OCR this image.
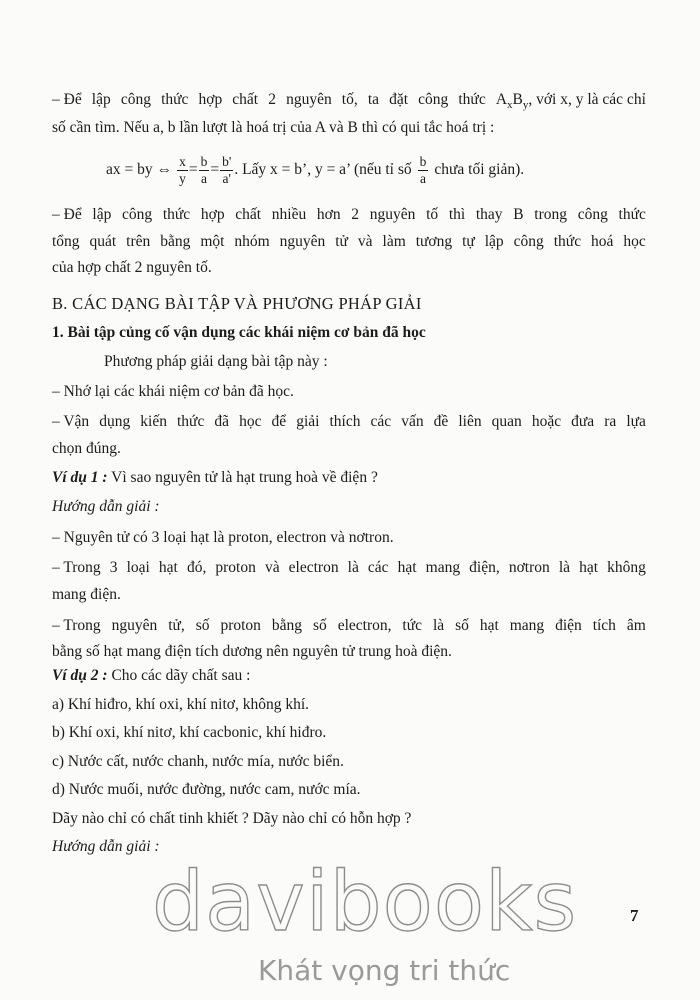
– Để lập công thức hợp chất 2 nguyên tố, ta đặt công thức $A_xB_y$, với x, y là các chỉ
số cần tìm. Nếu a, b lần lượt là hoá trị của A và B thì có qui tắc hoá trị :
ax = by ⇔ $\frac{x}{y} = \frac{b}{a} = \frac{b'}{a'}$ . Lấy x = b’, y = a’ (nếu tỉ số $\frac{b}{a}$ chưa tối giản).
– Để lập công thức hợp chất nhiều hơn 2 nguyên tố thì thay B trong công thức
tổng quát trên bằng một nhóm nguyên tử và làm tương tự lập công thức hoá học
của hợp chất 2 nguyên tố.
B. CÁC DẠNG BÀI TẬP VÀ PHƯƠNG PHÁP GIẢI
1. Bài tập củng cố vận dụng các khái niệm cơ bản đã học
Phương pháp giải dạng bài tập này :
– Nhớ lại các khái niệm cơ bản đã học.
– Vận dụng kiến thức đã học để giải thích các vấn đề liên quan hoặc đưa ra lựa
chọn đúng.
Ví dụ 1 : Vì sao nguyên tử là hạt trung hoà về điện ?
Hướng dẫn giải :
– Nguyên tử có 3 loại hạt là proton, electron và nơtron.
– Trong 3 loại hạt đó, proton và electron là các hạt mang điện, nơtron là hạt không
mang điện.
– Trong nguyên tử, số proton bằng số electron, tức là số hạt mang điện tích âm
bằng số hạt mang điện tích dương nên nguyên tử trung hoà điện.
Ví dụ 2 : Cho các dãy chất sau :
a) Khí hiđro, khí oxi, khí nitơ, không khí.
b) Khí oxi, khí nitơ, khí cacbonic, khí hiđro.
c) Nước cất, nước chanh, nước mía, nước biển.
d) Nước muối, nước đường, nước cam, nước mía.
Dãy nào chỉ có chất tinh khiết ? Dãy nào chỉ có hỗn hợp ?
Hướng dẫn giải :
7
davibooks
Khát vọng tri thức
